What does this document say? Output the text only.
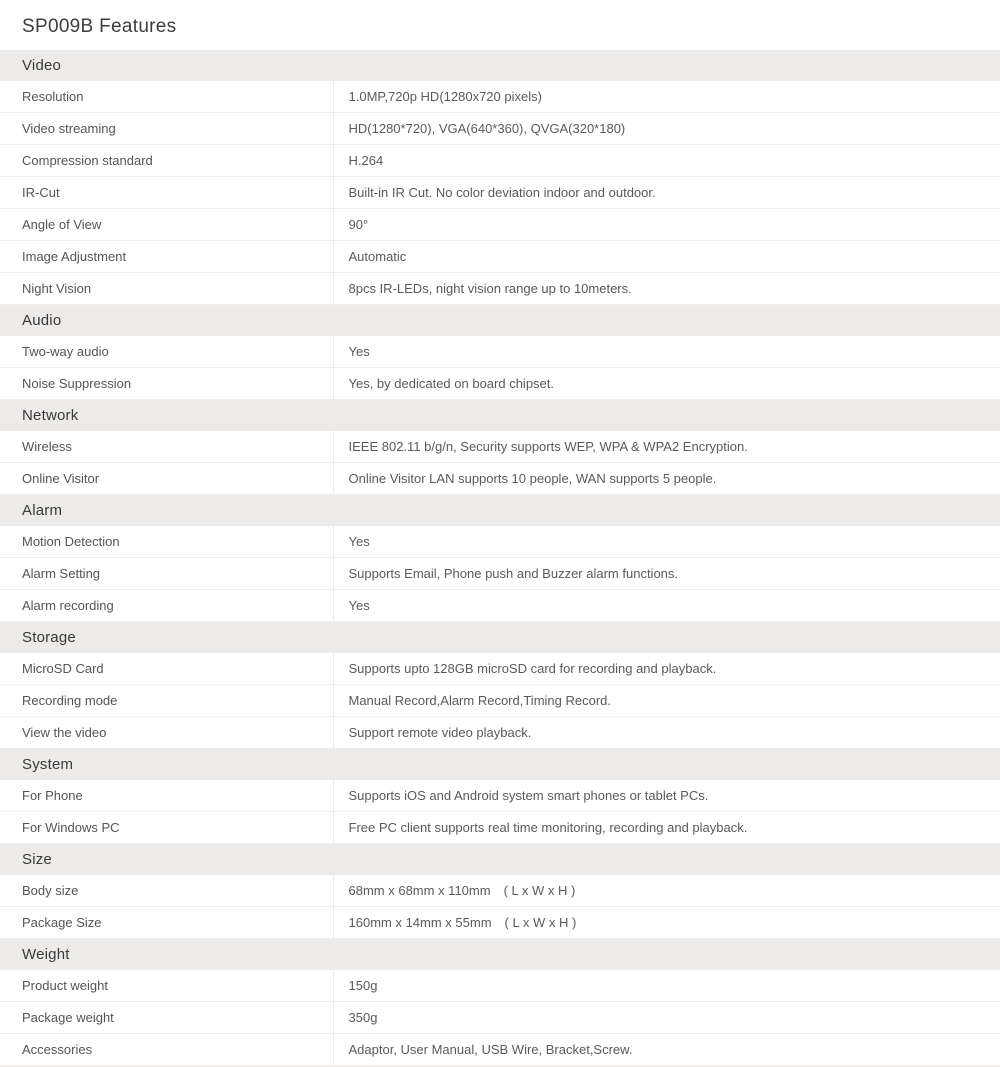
SP009B Features
Video	
Resolution	1.0MP,720p HD(1280x720 pixels)
Video streaming	HD(1280*720), VGA(640*360), QVGA(320*180)
Compression standard	H.264
IR-Cut	Built-in IR Cut. No color deviation indoor and outdoor.
Angle of View	90°
Image Adjustment	Automatic
Night Vision	8pcs IR-LEDs, night vision range up to 10meters.
Audio	
Two-way audio	Yes
Noise Suppression	Yes, by dedicated on board chipset.
Network	
Wireless	IEEE 802.11 b/g/n, Security supports WEP, WPA & WPA2 Encryption.
Online Visitor	Online Visitor LAN supports 10 people, WAN supports 5 people.
Alarm	
Motion Detection	Yes
Alarm Setting	Supports Email, Phone push and Buzzer alarm functions.
Alarm recording	Yes
Storage	
MicroSD Card	Supports upto 128GB microSD card for recording and playback.
Recording mode	Manual Record,Alarm Record,Timing Record.
View the video	Support remote video playback.
System	
For Phone	Supports iOS and Android system smart phones or tablet PCs.
For Windows PC	Free PC client supports real time monitoring, recording and playback.
Size	
Body size	68mm x 68mm x 110mm ( L x W x H )
Package Size	160mm x 14mm x 55mm ( L x W x H )
Weight	
Product weight	150g
Package weight	350g
Accessories	Adaptor, User Manual, USB Wire, Bracket,Screw.
